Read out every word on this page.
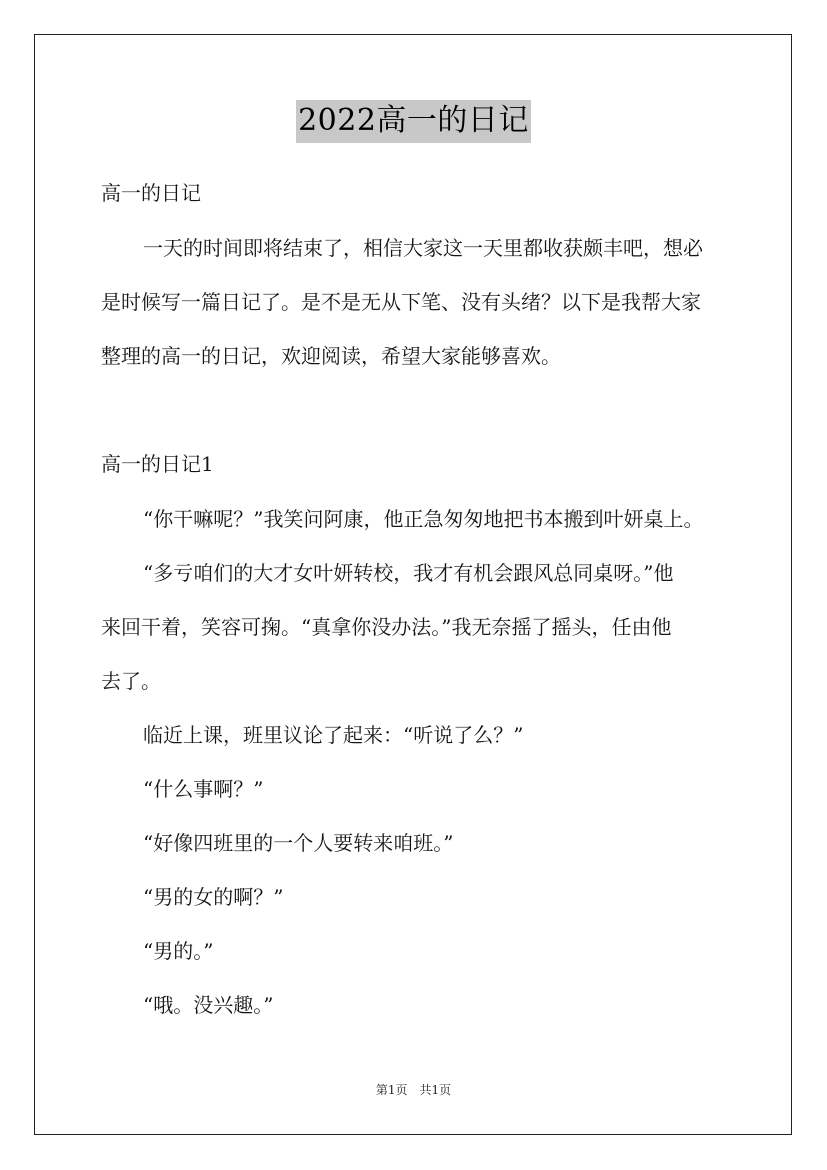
2022高一的日记
高一的日记
一天的时间即将结束了，相信大家这一天里都收获颇丰吧，想必
是时候写一篇日记了。是不是无从下笔、没有头绪？以下是我帮大家
整理的高一的日记，欢迎阅读，希望大家能够喜欢。
高一的日记1
“你干嘛呢？”我笑问阿康，他正急匆匆地把书本搬到叶妍桌上。
“多亏咱们的大才女叶妍转校，我才有机会跟风总同桌呀。”他
来回干着，笑容可掬。“真拿你没办法。”我无奈摇了摇头，任由他
去了。
临近上课，班里议论了起来：“听说了么？”
“什么事啊？”
“好像四班里的一个人要转来咱班。”
“男的女的啊？”
“男的。”
“哦。没兴趣。”
第1页 共1页
